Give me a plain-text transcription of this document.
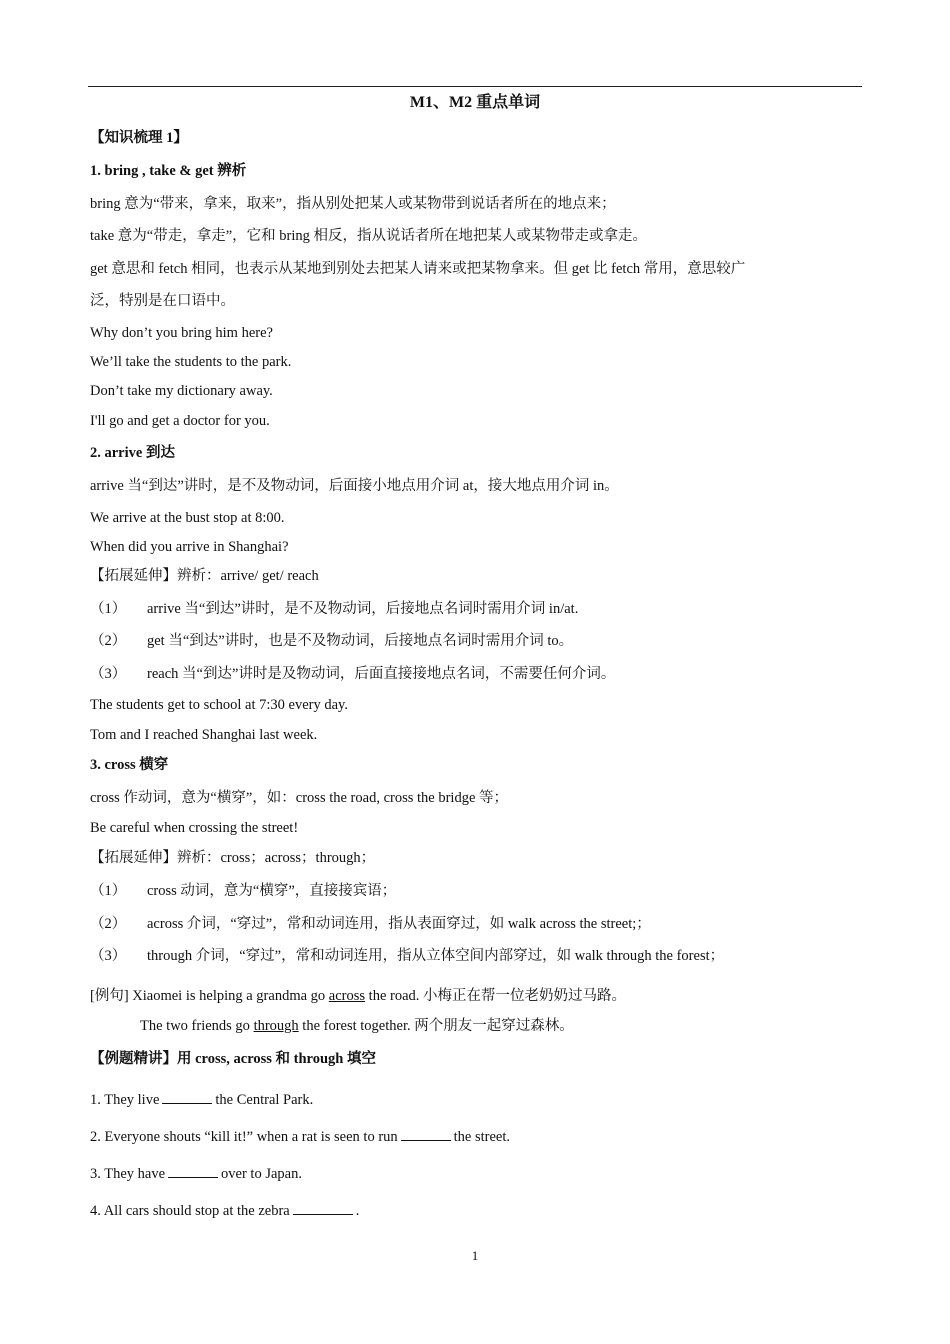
M1、M2 重点单词
【知识梳理 1】
1. bring , take & get 辨析
bring 意为“带来，拿来，取来”，指从别处把某人或某物带到说话者所在的地点来；
take 意为“带走，拿走”，它和 bring 相反，指从说话者所在地把某人或某物带走或拿走。
get 意思和 fetch 相同，也表示从某地到别处去把某人请来或把某物拿来。但 get 比 fetch 常用，意思较广
泛，特别是在口语中。
Why don’t you bring him here?
We’ll take the students to the park.
Don’t take my dictionary away.
I'll go and get a doctor for you.
2. arrive 到达
arrive 当“到达”讲时，是不及物动词，后面接小地点用介词 at，接大地点用介词 in。
We arrive at the bust stop at 8:00.
When did you arrive in Shanghai?
【拓展延伸】辨析：arrive/ get/ reach
（1） arrive 当“到达”讲时，是不及物动词，后接地点名词时需用介词 in/at.
（2） get 当“到达”讲时，也是不及物动词，后接地点名词时需用介词 to。
（3） reach 当“到达”讲时是及物动词，后面直接接地点名词，不需要任何介词。
The students get to school at 7:30 every day.
Tom and I reached Shanghai last week.
3. cross 横穿
cross 作动词，意为“横穿”，如：cross the road, cross the bridge 等；
Be careful when crossing the street!
【拓展延伸】辨析：cross；across；through；
（1） cross 动词，意为“横穿”，直接接宾语；
（2） across 介词，“穿过”，常和动词连用，指从表面穿过，如 walk across the street;；
（3） through 介词，“穿过”，常和动词连用，指从立体空间内部穿过，如 walk through the forest；
[例句] Xiaomei is helping a grandma go across the road. 小梅正在帮一位老奶奶过马路。
The two friends go through the forest together. 两个朋友一起穿过森林。
【例题精讲】用 cross, across 和 through 填空
1. They live	the Central Park.
2. Everyone shouts “kill it!” when a rat is seen to run	the street.
3. They have	over to Japan.
4. All cars should stop at the zebra	.
1
